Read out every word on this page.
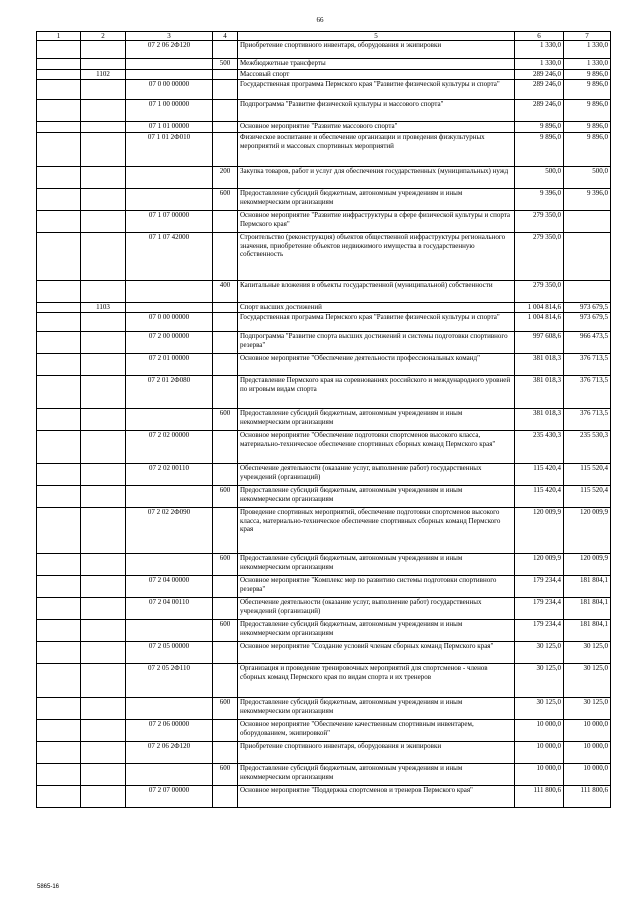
66
1	2	3	4	5	6	7
		07 2 06 2Ф120		Приобретение спортивного инвентаря, оборудования и экипировки	1 330,0	1 330,0
			500	Межбюджетные трансферты	1 330,0	1 330,0
	1102			Массовый спорт	289 246,0	9 896,0
		07 0 00 00000		Государственная программа Пермского края "Развитие физической культуры и спорта"	289 246,0	9 896,0
		07 1 00 00000		Подпрограмма "Развитие физической культуры и массового спорта"	289 246,0	9 896,0
		07 1 01 00000		Основное мероприятие "Развитие массового спорта"	9 896,0	9 896,0
		07 1 01 2Ф010		Физическое воспитание и обеспечение организации и проведения физкультурных мероприятий и массовых спортивных мероприятий	9 896,0	9 896,0
			200	Закупка товаров, работ и услуг для обеспечения государственных (муниципальных) нужд	500,0	500,0
			600	Предоставление субсидий бюджетным, автономным учреждениям и иным некоммерческим организациям	9 396,0	9 396,0
		07 1 07 00000		Основное мероприятие "Развитие инфраструктуры в сфере физической культуры и спорта Пермского края"	279 350,0	
		07 1 07 42000		Строительство (реконструкция) объектов общественной инфраструктуры регионального значения, приобретение объектов недвижимого имущества в государственную собственность	279 350,0	
			400	Капитальные вложения в объекты государственной (муниципальной) собственности	279 350,0	
	1103			Спорт высших достижений	1 004 814,6	973 679,5
		07 0 00 00000		Государственная программа Пермского края "Развитие физической культуры и спорта"	1 004 814,6	973 679,5
		07 2 00 00000		Подпрограмма "Развитие спорта высших достижений и системы подготовки спортивного резерва"	997 608,6	966 473,5
		07 2 01 00000		Основное мероприятие "Обеспечение деятельности профессиональных команд"	381 018,3	376 713,5
		07 2 01 2Ф080		Представление Пермского края на соревнованиях российского и международного уровней по игровым видам спорта	381 018,3	376 713,5
			600	Предоставление субсидий бюджетным, автономным учреждениям и иным некоммерческим организациям	381 018,3	376 713,5
		07 2 02 00000		Основное мероприятие "Обеспечение подготовки спортсменов высокого класса, материально-техническое обеспечение спортивных сборных команд Пермского края"	235 430,3	235 530,3
		07 2 02 00110		Обеспечение деятельности (оказание услуг, выполнение работ) государственных учреждений (организаций)	115 420,4	115 520,4
			600	Предоставление субсидий бюджетным, автономным учреждениям и иным некоммерческим организациям	115 420,4	115 520,4
		07 2 02 2Ф090		Проведение спортивных мероприятий, обеспечение подготовки спортсменов высокого класса, материально-техническое обеспечение спортивных сборных команд Пермского края	120 009,9	120 009,9
			600	Предоставление субсидий бюджетным, автономным учреждениям и иным некоммерческим организациям	120 009,9	120 009,9
		07 2 04 00000		Основное мероприятие "Комплекс мер по развитию системы подготовки спортивного резерва"	179 234,4	181 804,1
		07 2 04 00110		Обеспечение деятельности (оказание услуг, выполнение работ) государственных учреждений (организаций)	179 234,4	181 804,1
			600	Предоставление субсидий бюджетным, автономным учреждениям и иным некоммерческим организациям	179 234,4	181 804,1
		07 2 05 00000		Основное мероприятие "Создание условий членам сборных команд Пермского края"	30 125,0	30 125,0
		07 2 05 2Ф110		Организация и проведение тренировочных мероприятий для спортсменов - членов сборных команд Пермского края по видам спорта и их тренеров	30 125,0	30 125,0
			600	Предоставление субсидий бюджетным, автономным учреждениям и иным некоммерческим организациям	30 125,0	30 125,0
		07 2 06 00000		Основное мероприятие "Обеспечение качественным спортивным инвентарем, оборудованием, экипировкой"	10 000,0	10 000,0
		07 2 06 2Ф120		Приобретение спортивного инвентаря, оборудования и экипировки	10 000,0	10 000,0
			600	Предоставление субсидий бюджетным, автономным учреждениям и иным некоммерческим организациям	10 000,0	10 000,0
		07 2 07 00000		Основное мероприятие "Поддержка спортсменов и тренеров Пермского края"	111 800,6	111 800,6
5865-16
